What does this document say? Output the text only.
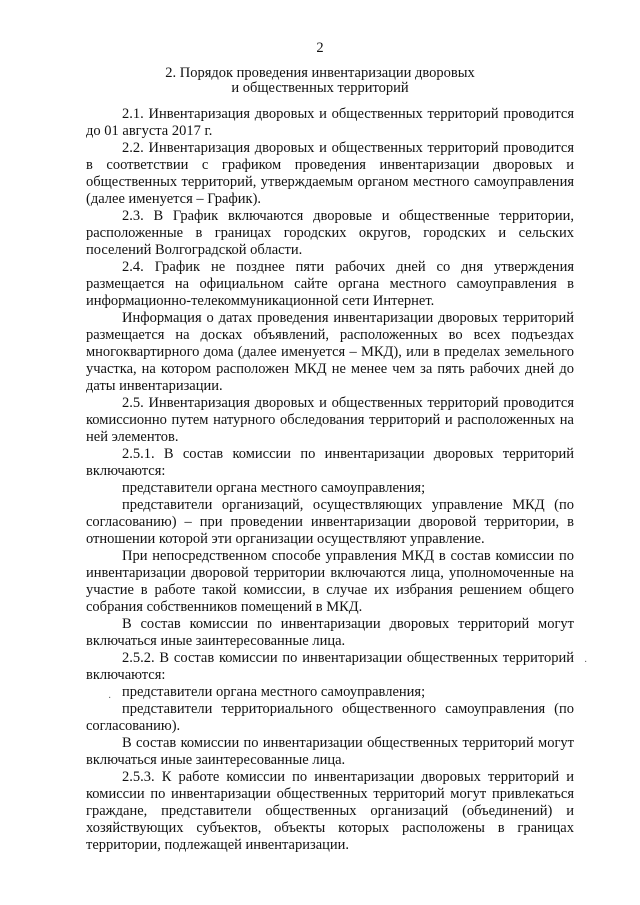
2
2. Порядок проведения инвентаризации дворовых
и общественных территорий

2.1. Инвентаризация дворовых и общественных территорий проводится до 01 августа 2017 г.

2.2. Инвентаризация дворовых и общественных территорий проводится в соответствии с графиком проведения инвентаризации дворовых и общественных территорий, утверждаемым органом местного самоуправления (далее именуется – График).

2.3. В График включаются дворовые и общественные территории, расположенные в границах городских округов, городских и сельских поселений Волгоградской области.

2.4. График не позднее пяти рабочих дней со дня утверждения размещается на официальном сайте органа местного самоуправления в информационно-телекоммуникационной сети Интернет.

Информация о датах проведения инвентаризации дворовых территорий размещается на досках объявлений, расположенных во всех подъездах многоквартирного дома (далее именуется – МКД), или в пределах земельного участка, на котором расположен МКД не менее чем за пять рабочих дней до даты инвентаризации.

2.5. Инвентаризация дворовых и общественных территорий проводится комиссионно путем натурного обследования территорий и расположенных на ней элементов.

2.5.1. В состав комиссии по инвентаризации дворовых территорий включаются:

представители органа местного самоуправления;

представители организаций, осуществляющих управление МКД (по согласованию) – при проведении инвентаризации дворовой территории, в отношении которой эти организации осуществляют управление.

При непосредственном способе управления МКД в состав комиссии по инвентаризации дворовой территории включаются лица, уполномоченные на участие в работе такой комиссии, в случае их избрания решением общего собрания собственников помещений в МКД.

В состав комиссии по инвентаризации дворовых территорий могут включаться иные заинтересованные лица.

2.5.2. В состав комиссии по инвентаризации общественных территорий включаются:

представители органа местного самоуправления;

представители территориального общественного самоуправления (по согласованию).

В состав комиссии по инвентаризации общественных территорий могут включаться иные заинтересованные лица.

2.5.3. К работе комиссии по инвентаризации дворовых территорий и комиссии по инвентаризации общественных территорий могут привлекаться граждане, представители общественных организаций (объединений) и хозяйствующих субъектов, объекты которых расположены в границах территории, подлежащей инвентаризации.

·
·
